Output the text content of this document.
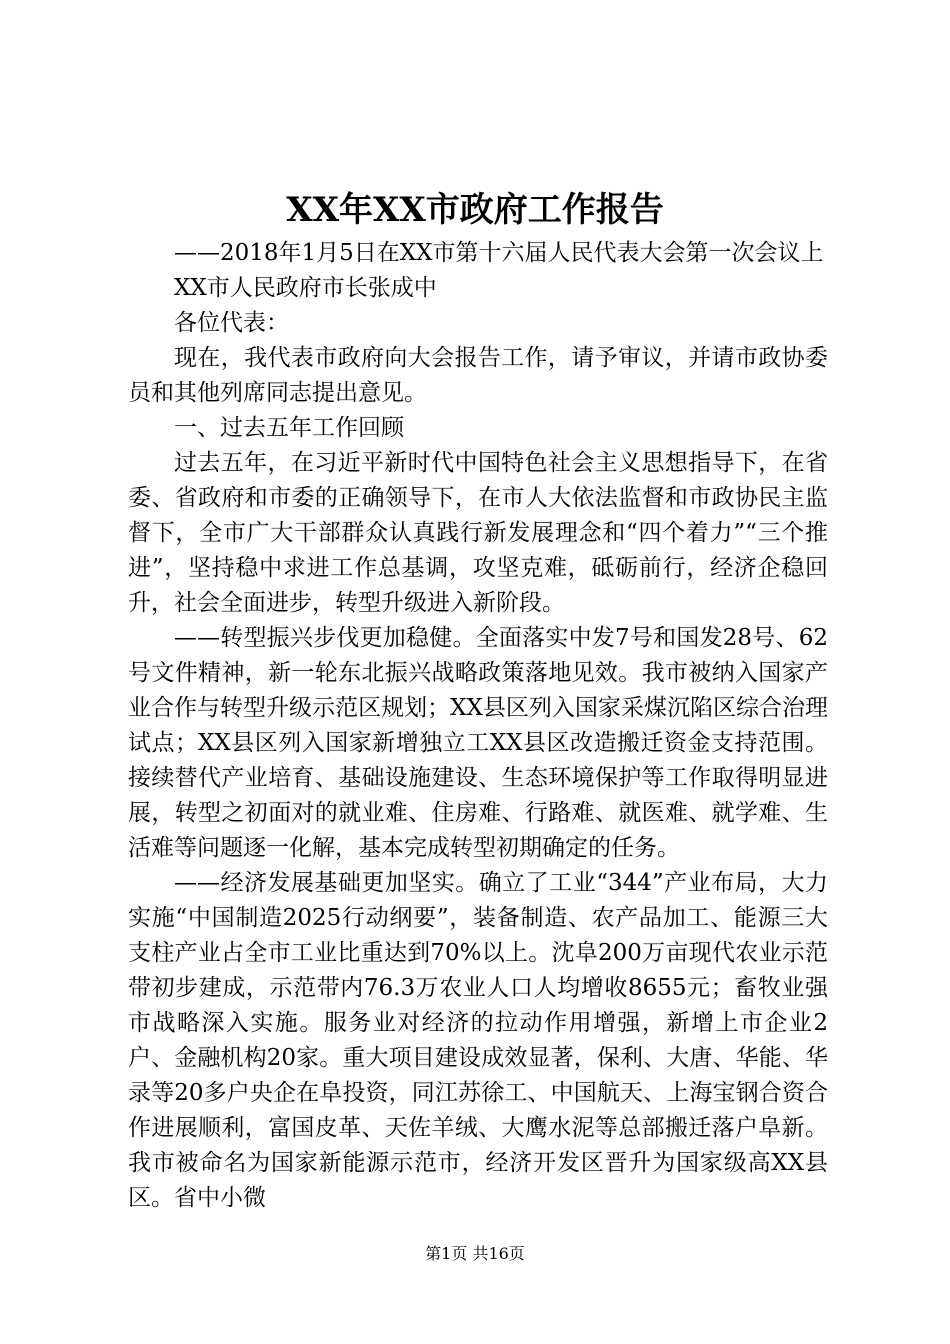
XX年XX市政府工作报告

——2018年1月5日在XX市第十六届人民代表大会第一次会议上

XX市人民政府市长张成中

各位代表：

现在，我代表市政府向大会报告工作，请予审议，并请市政协委员和其他列席同志提出意见。

一、过去五年工作回顾

过去五年，在习近平新时代中国特色社会主义思想指导下，在省委、省政府和市委的正确领导下，在市人大依法监督和市政协民主监督下，全市广大干部群众认真践行新发展理念和“四个着力”“三个推进”，坚持稳中求进工作总基调，攻坚克难，砥砺前行，经济企稳回升，社会全面进步，转型升级进入新阶段。

——转型振兴步伐更加稳健。全面落实中发7号和国发28号、62号文件精神，新一轮东北振兴战略政策落地见效。我市被纳入国家产业合作与转型升级示范区规划；XX县区列入国家采煤沉陷区综合治理试点；XX县区列入国家新增独立工XX县区改造搬迁资金支持范围。接续替代产业培育、基础设施建设、生态环境保护等工作取得明显进展，转型之初面对的就业难、住房难、行路难、就医难、就学难、生活难等问题逐一化解，基本完成转型初期确定的任务。

——经济发展基础更加坚实。确立了工业“344”产业布局，大力实施“中国制造2025行动纲要”，装备制造、农产品加工、能源三大支柱产业占全市工业比重达到70%以上。沈阜200万亩现代农业示范带初步建成，示范带内76.3万农业人口人均增收8655元；畜牧业强市战略深入实施。服务业对经济的拉动作用增强，新增上市企业2户、金融机构20家。重大项目建设成效显著，保利、大唐、华能、华录等20多户央企在阜投资，同江苏徐工、中国航天、上海宝钢合资合作进展顺利，富国皮革、天佐羊绒、大鹰水泥等总部搬迁落户阜新。我市被命名为国家新能源示范市，经济开发区晋升为国家级高XX县区。省中小微

第1页 共16页
